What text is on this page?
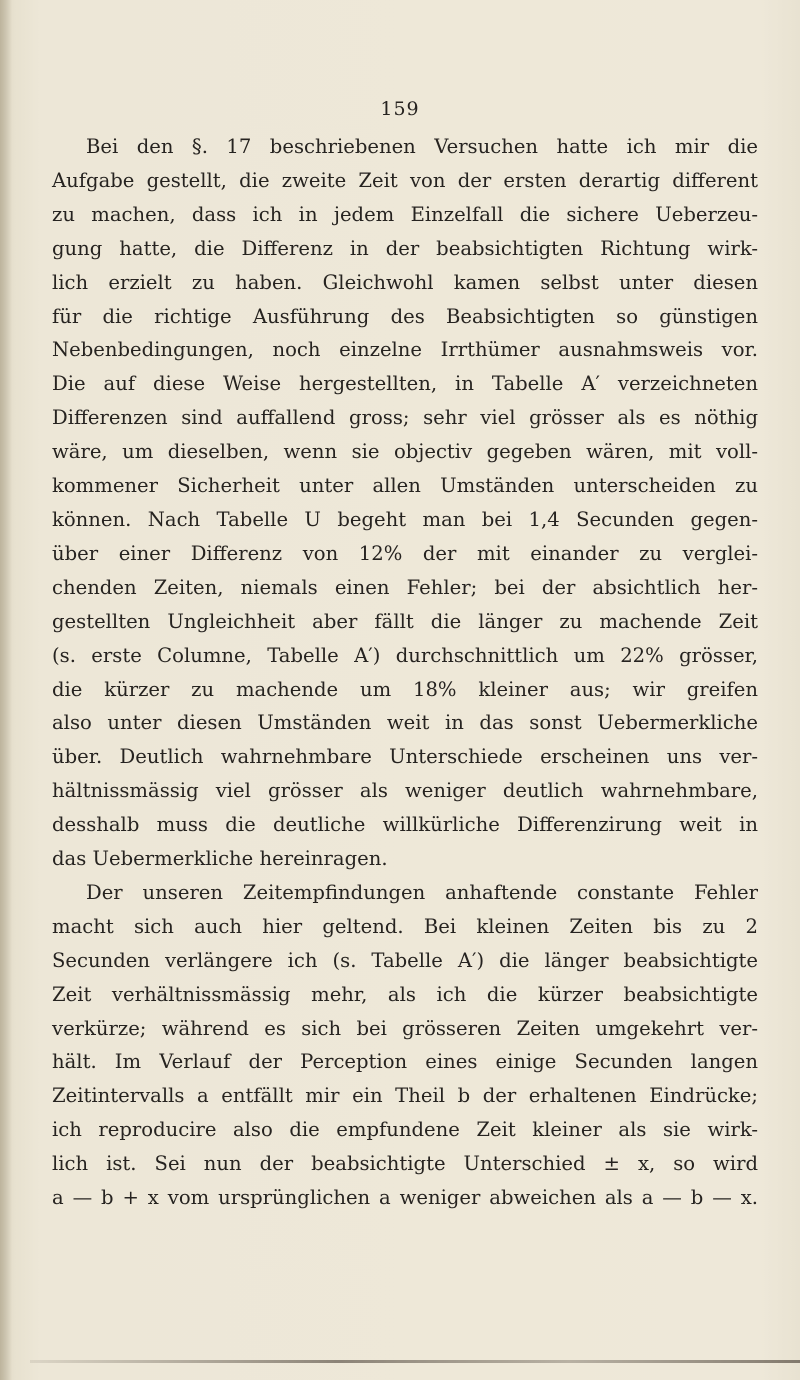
159

Bei den §. 17 beschriebenen Versuchen hatte ich mir die
Aufgabe gestellt, die zweite Zeit von der ersten derartig different
zu machen, dass ich in jedem Einzelfall die sichere Ueberzeu-
gung hatte, die Differenz in der beabsichtigten Richtung wirk-
lich erzielt zu haben. Gleichwohl kamen selbst unter diesen
für die richtige Ausführung des Beabsichtigten so günstigen
Nebenbedingungen, noch einzelne Irrthümer ausnahmsweis vor.
Die auf diese Weise hergestellten, in Tabelle A′ verzeichneten
Differenzen sind auffallend gross; sehr viel grösser als es nöthig
wäre, um dieselben, wenn sie objectiv gegeben wären, mit voll-
kommener Sicherheit unter allen Umständen unterscheiden zu
können. Nach Tabelle U begeht man bei 1,4 Secunden gegen-
über einer Differenz von 12% der mit einander zu verglei-
chenden Zeiten, niemals einen Fehler; bei der absichtlich her-
gestellten Ungleichheit aber fällt die länger zu machende Zeit
(s. erste Columne, Tabelle A′) durchschnittlich um 22% grösser,
die kürzer zu machende um 18% kleiner aus; wir greifen
also unter diesen Umständen weit in das sonst Uebermerkliche
über. Deutlich wahrnehmbare Unterschiede erscheinen uns ver-
hältnissmässig viel grösser als weniger deutlich wahrnehmbare,
desshalb muss die deutliche willkürliche Differenzirung weit in
das Uebermerkliche hereinragen.

Der unseren Zeitempfindungen anhaftende constante Fehler
macht sich auch hier geltend. Bei kleinen Zeiten bis zu 2
Secunden verlängere ich (s. Tabelle A′) die länger beabsichtigte
Zeit verhältnissmässig mehr, als ich die kürzer beabsichtigte
verkürze; während es sich bei grösseren Zeiten umgekehrt ver-
hält. Im Verlauf der Perception eines einige Secunden langen
Zeitintervalls a entfällt mir ein Theil b der erhaltenen Eindrücke;
ich reproducire also die empfundene Zeit kleiner als sie wirk-
lich ist. Sei nun der beabsichtigte Unterschied ± x, so wird
a — b + x vom ursprünglichen a weniger abweichen als a — b — x.
